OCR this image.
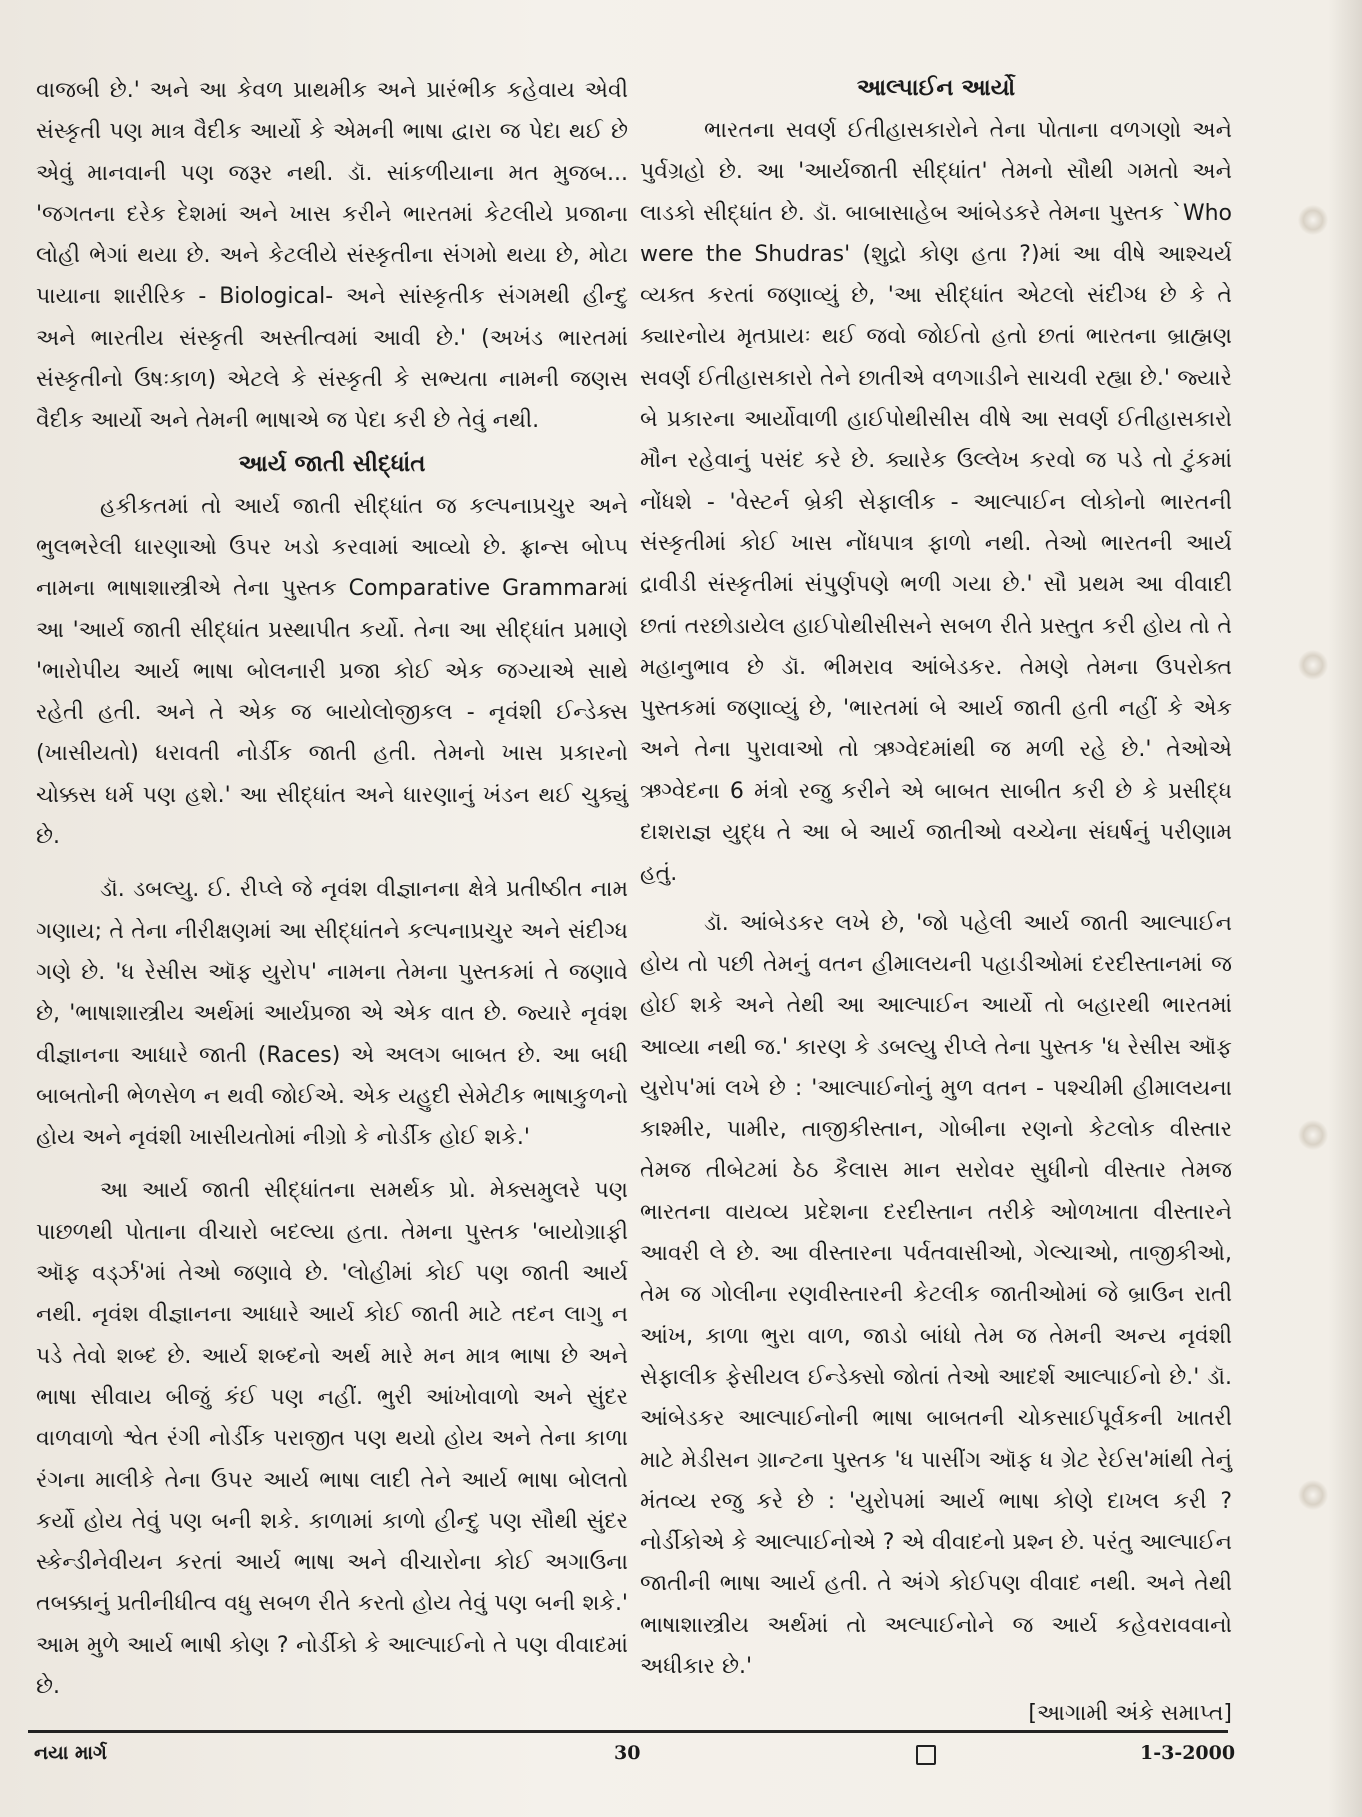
વાજબી છે.' અને આ કેવળ પ્રાથમીક અને પ્રારંભીક કહેવાય એવી સંસ્કૃતી પણ માત્ર વૈદીક આર્યો કે એમની ભાષા દ્વારા જ પેદા થઈ છે એવું માનવાની પણ જરૂર નથી. ડૉ. સાંકળીયાના મત મુજબ... 'જગતના દરેક દેશમાં અને ખાસ કરીને ભારતમાં કેટલીયે પ્રજાના લોહી ભેગાં થયા છે. અને કેટલીયે સંસ્કૃતીના સંગમો થયા છે, મોટા પાયાના શારીરિક - Biological- અને સાંસ્કૃતીક સંગમથી હીન્દુ અને ભારતીય સંસ્કૃતી અસ્તીત્વમાં આવી છે.' (અખંડ ભારતમાં સંસ્કૃતીનો ઉષઃકાળ) એટલે કે સંસ્કૃતી કે સભ્યતા નામની જણસ વૈદીક આર્યો અને તેમની ભાષાએ જ પેદા કરી છે તેવું નથી.

આર્ય જાતી સીદ્ધાંત

હકીકતમાં તો આર્ય જાતી સીદ્ધાંત જ કલ્પનાપ્રચુર અને ભુલભરેલી ધારણાઓ ઉપર ખડો કરવામાં આવ્યો છે. ફ્રાન્સ બોપ્પ નામના ભાષાશાસ્ત્રીએ તેના પુસ્તક Comparative Grammarમાં આ 'આર્ય જાતી સીદ્ધાંત પ્રસ્થાપીત કર્યો. તેના આ સીદ્ધાંત પ્રમાણે 'ભારોપીય આર્ય ભાષા બોલનારી પ્રજા કોઈ એક જગ્યાએ સાથે રહેતી હતી. અને તે એક જ બાયોલોજીકલ - નૃવંશી ઈન્ડેક્સ (ખાસીયતો) ધરાવતી નોર્ડીક જાતી હતી. તેમનો ખાસ પ્રકારનો ચોક્કસ ધર્મ પણ હશે.' આ સીદ્ધાંત અને ધારણાનું ખંડન થઈ ચુક્યું છે.

ડૉ. ડબલ્યુ. ઈ. રીપ્લે જે નૃવંશ વીજ્ઞાનના ક્ષેત્રે પ્રતીષ્ઠીત નામ ગણાય; તે તેના નીરીક્ષણમાં આ સીદ્ધાંતને કલ્પનાપ્રચુર અને સંદીગ્ધ ગણે છે. 'ધ રેસીસ ઑફ યુરોપ' નામના તેમના પુસ્તકમાં તે જણાવે છે, 'ભાષાશાસ્ત્રીય અર્થમાં આર્યપ્રજા એ એક વાત છે. જ્યારે નૃવંશ વીજ્ઞાનના આધારે જાતી (Races) એ અલગ બાબત છે. આ બધી બાબતોની ભેળસેળ ન થવી જોઈએ. એક યહુદી સેમેટીક ભાષાકુળનો હોય અને નૃવંશી ખાસીયતોમાં નીગ્રો કે નોર્ડીક હોઈ શકે.'

આ આર્ય જાતી સીદ્ધાંતના સમર્થક પ્રો. મેક્સમુલરે પણ પાછળથી પોતાના વીચારો બદલ્યા હતા. તેમના પુસ્તક 'બાયોગ્રાફી ઑફ વર્ડ્ઝ'માં તેઓ જણાવે છે. 'લોહીમાં કોઈ પણ જાતી આર્ય નથી. નૃવંશ વીજ્ઞાનના આધારે આર્ય કોઈ જાતી માટે તદન લાગુ ન પડે તેવો શબ્દ છે. આર્ય શબ્દનો અર્થ મારે મન માત્ર ભાષા છે અને ભાષા સીવાય બીજું કંઈ પણ નહીં. ભુરી આંખોવાળો અને સુંદર વાળવાળો શ્વેત રંગી નોર્ડીક પરાજીત પણ થયો હોય અને તેના કાળા રંગના માલીકે તેના ઉપર આર્ય ભાષા લાદી તેને આર્ય ભાષા બોલતો કર્યો હોય તેવું પણ બની શકે. કાળામાં કાળો હીન્દુ પણ સૌથી સુંદર સ્કેન્ડીનેવીયન કરતાં આર્ય ભાષા અને વીચારોના કોઈ અગાઉના તબક્કાનું પ્રતીનીધીત્વ વધુ સબળ રીતે કરતો હોય તેવું પણ બની શકે.' આમ મુળે આર્ય ભાષી કોણ ? નોર્ડીકો કે આલ્પાઈનો તે પણ વીવાદમાં છે.

આલ્પાઈન આર્યો

ભારતના સવર્ણ ઈતીહાસકારોને તેના પોતાના વળગણો અને પુર્વગ્રહો છે. આ 'આર્યજાતી સીદ્ધાંત' તેમનો સૌથી ગમતો અને લાડકો સીદ્ધાંત છે. ડૉ. બાબાસાહેબ આંબેડકરે તેમના પુસ્તક `Who were the Shudras' (શુદ્રો કોણ હતા ?)માં આ વીષે આશ્ચર્ય વ્યક્ત કરતાં જણાવ્યું છે, 'આ સીદ્ધાંત એટલો સંદીગ્ધ છે કે તે ક્યારનોય મૃતપ્રાયઃ થઈ જવો જોઈતો હતો છતાં ભારતના બ્રાહ્મણ સવર્ણ ઈતીહાસકારો તેને છાતીએ વળગાડીને સાચવી રહ્યા છે.' જ્યારે બે પ્રકારના આર્યોવાળી હાઈપોથીસીસ વીષે આ સવર્ણ ઈતીહાસકારો મૌન રહેવાનું પસંદ કરે છે. ક્યારેક ઉલ્લેખ કરવો જ પડે તો ટુંકમાં નોંધશે - 'વેસ્ટર્ન બ્રેકી સેફાલીક - આલ્પાઈન લોકોનો ભારતની સંસ્કૃતીમાં કોઈ ખાસ નોંધપાત્ર ફાળો નથી. તેઓ ભારતની આર્ય દ્રાવીડી સંસ્કૃતીમાં સંપુર્ણપણે ભળી ગયા છે.' સૌ પ્રથમ આ વીવાદી છતાં તરછોડાયેલ હાઈપોથીસીસને સબળ રીતે પ્રસ્તુત કરી હોય તો તે મહાનુભાવ છે ડૉ. ભીમરાવ આંબેડકર. તેમણે તેમના ઉપરોક્ત પુસ્તકમાં જણાવ્યું છે, 'ભારતમાં બે આર્ય જાતી હતી નહીં કે એક અને તેના પુરાવાઓ તો ઋગ્વેદમાંથી જ મળી રહે છે.' તેઓએ ઋગ્વેદના 6 મંત્રો રજુ કરીને એ બાબત સાબીત કરી છે કે પ્રસીદ્ધ દાશરાજ્ઞ યુદ્ધ તે આ બે આર્ય જાતીઓ વચ્ચેના સંઘર્ષનું પરીણામ હતું.

ડૉ. આંબેડકર લખે છે, 'જો પહેલી આર્ય જાતી આલ્પાઈન હોય તો પછી તેમનું વતન હીમાલયની પહાડીઓમાં દરદીસ્તાનમાં જ હોઈ શકે અને તેથી આ આલ્પાઈન આર્યો તો બહારથી ભારતમાં આવ્યા નથી જ.' કારણ કે ડબલ્યુ રીપ્લે તેના પુસ્તક 'ધ રેસીસ ઑફ યુરોપ'માં લખે છે : 'આલ્પાઈનોનું મુળ વતન - પશ્ચીમી હીમાલયના કાશ્મીર, પામીર, તાજીકીસ્તાન, ગોબીના રણનો કેટલોક વીસ્તાર તેમજ તીબેટમાં ઠેઠ કૈલાસ માન સરોવર સુધીનો વીસ્તાર તેમજ ભારતના વાયવ્ય પ્રદેશના દરદીસ્તાન તરીકે ઓળખાતા વીસ્તારને આવરી લે છે. આ વીસ્તારના પર્વતવાસીઓ, ગેલ્ચાઓ, તાજીકીઓ, તેમ જ ગોલીના રણવીસ્તારની કેટલીક જાતીઓમાં જે બ્રાઉન રાતી આંખ, કાળા ભુરા વાળ, જાડો બાંધો તેમ જ તેમની અન્ય નૃવંશી સેફાલીક ફેસીયલ ઈન્ડેક્સો જોતાં તેઓ આદર્શ આલ્પાઈનો છે.' ડૉ. આંબેડકર આલ્પાઈનોની ભાષા બાબતની ચોકસાઈપૂર્વકની ખાતરી માટે મેડીસન ગ્રાન્ટના પુસ્તક 'ધ પાસીંગ ઑફ ધ ગ્રેટ રેઈસ'માંથી તેનું મંતવ્ય રજુ કરે છે : 'યુરોપમાં આર્ય ભાષા કોણે દાખલ કરી ? નોર્ડીકોએ કે આલ્પાઈનોએ ? એ વીવાદનો પ્રશ્ન છે. પરંતુ આલ્પાઈન જાતીની ભાષા આર્ય હતી. તે અંગે કોઈપણ વીવાદ નથી. અને તેથી ભાષાશાસ્ત્રીય અર્થમાં તો અલ્પાઈનોને જ આર્ય કહેવરાવવાનો અધીકાર છે.'

[આગામી અંકે સમાપ્ત]
નયા માર્ગ	30	1-3-2000
